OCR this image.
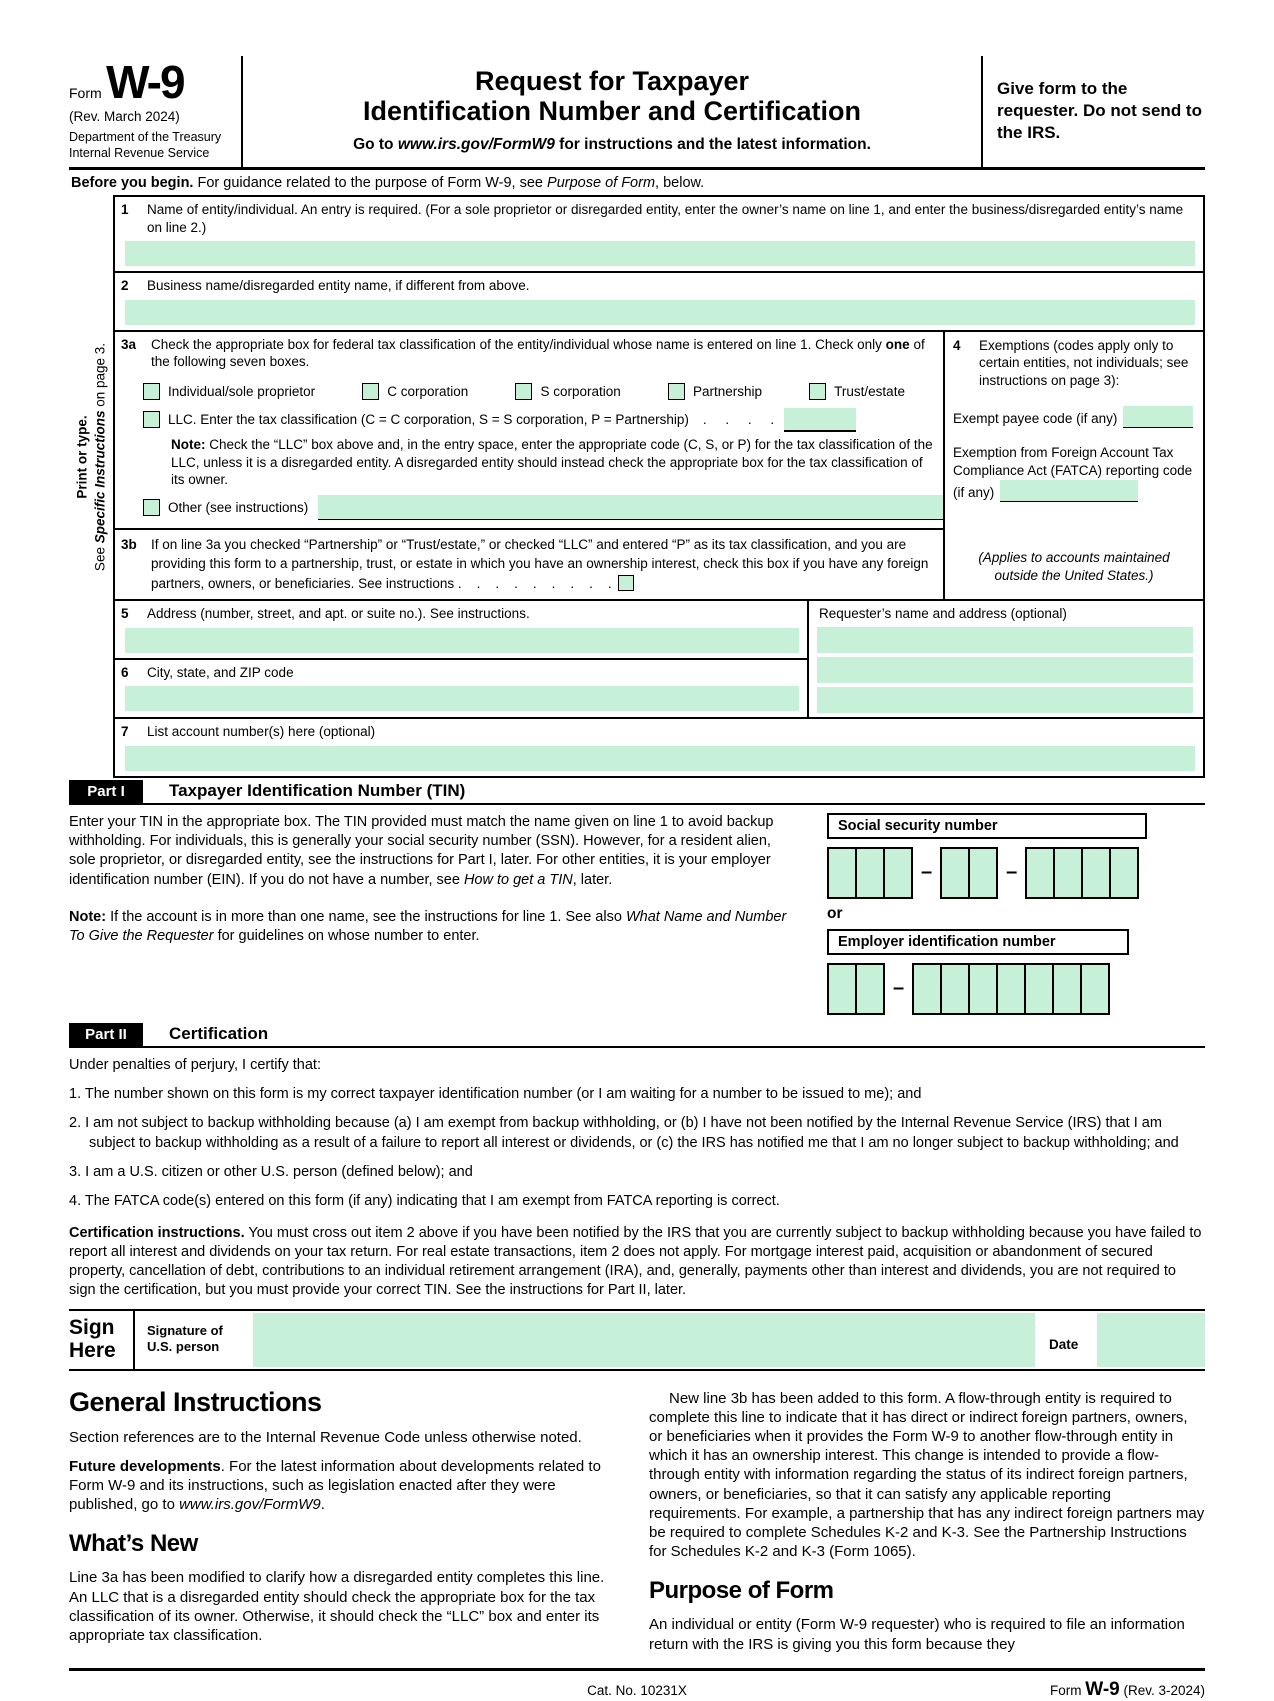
Form W-9
(Rev. March 2024)
Department of the Treasury
Internal Revenue Service
Request for Taxpayer
Identification Number and Certification
Go to www.irs.gov/FormW9 for instructions and the latest information.
Give form to the requester. Do not send to the IRS.
Before you begin. For guidance related to the purpose of Form W-9, see Purpose of Form, below.
Print or type.
See Specific Instructions on page 3.
1	Name of entity/individual. An entry is required. (For a sole proprietor or disregarded entity, enter the owner’s name on line 1, and enter the business/disregarded entity’s name on line 2.)
2	Business name/disregarded entity name, if different from above.
3a	Check the appropriate box for federal tax classification of the entity/individual whose name is entered on line 1. Check only one of the following seven boxes.
Individual/sole proprietor	C corporation	S corporation	Partnership	Trust/estate
LLC. Enter the tax classification (C = C corporation, S = S corporation, P = Partnership) .     .     .     .
Note: Check the “LLC” box above and, in the entry space, enter the appropriate code (C, S, or P) for the tax classification of the LLC, unless it is a disregarded entity. A disregarded entity should instead check the appropriate box for the tax classification of its owner.
Other (see instructions)
3b	If on line 3a you checked “Partnership” or “Trust/estate,” or checked “LLC” and entered “P” as its tax classification, and you are providing this form to a partnership, trust, or estate in which you have an ownership interest, check this box if you have any foreign partners, owners, or beneficiaries. See instructions .    .    .    .    .    .    .    .    .
4	Exemptions (codes apply only to certain entities, not individuals; see instructions on page 3):
Exempt payee code (if any)
Exemption from Foreign Account Tax Compliance Act (FATCA) reporting code (if any)
(Applies to accounts maintained outside the United States.)
5	Address (number, street, and apt. or suite no.). See instructions.
6	City, state, and ZIP code
Requester’s name and address (optional)
7	List account number(s) here (optional)
Part I	Taxpayer Identification Number (TIN)
Enter your TIN in the appropriate box. The TIN provided must match the name given on line 1 to avoid backup withholding. For individuals, this is generally your social security number (SSN). However, for a resident alien, sole proprietor, or disregarded entity, see the instructions for Part I, later. For other entities, it is your employer identification number (EIN). If you do not have a number, see How to get a TIN, later.
Note: If the account is in more than one name, see the instructions for line 1. See also What Name and Number To Give the Requester for guidelines on whose number to enter.
Social security number
–	–
or
Employer identification number
–
Part II	Certification
Under penalties of perjury, I certify that:
1. The number shown on this form is my correct taxpayer identification number (or I am waiting for a number to be issued to me); and
2. I am not subject to backup withholding because (a) I am exempt from backup withholding, or (b) I have not been notified by the Internal Revenue Service (IRS) that I am subject to backup withholding as a result of a failure to report all interest or dividends, or (c) the IRS has notified me that I am no longer subject to backup withholding; and
3. I am a U.S. citizen or other U.S. person (defined below); and
4. The FATCA code(s) entered on this form (if any) indicating that I am exempt from FATCA reporting is correct.
Certification instructions. You must cross out item 2 above if you have been notified by the IRS that you are currently subject to backup withholding because you have failed to report all interest and dividends on your tax return. For real estate transactions, item 2 does not apply. For mortgage interest paid, acquisition or abandonment of secured property, cancellation of debt, contributions to an individual retirement arrangement (IRA), and, generally, payments other than interest and dividends, you are not required to sign the certification, but you must provide your correct TIN. See the instructions for Part II, later.
Sign
Here
Signature of
U.S. person	Date
General Instructions

Section references are to the Internal Revenue Code unless otherwise noted.

Future developments. For the latest information about developments related to Form W-9 and its instructions, such as legislation enacted after they were published, go to www.irs.gov/FormW9.

What’s New

Line 3a has been modified to clarify how a disregarded entity completes this line. An LLC that is a disregarded entity should check the appropriate box for the tax classification of its owner. Otherwise, it should check the “LLC” box and enter its appropriate tax classification.

New line 3b has been added to this form. A flow-through entity is required to complete this line to indicate that it has direct or indirect foreign partners, owners, or beneficiaries when it provides the Form W-9 to another flow-through entity in which it has an ownership interest. This change is intended to provide a flow-through entity with information regarding the status of its indirect foreign partners, owners, or beneficiaries, so that it can satisfy any applicable reporting requirements. For example, a partnership that has any indirect foreign partners may be required to complete Schedules K-2 and K-3. See the Partnership Instructions for Schedules K-2 and K-3 (Form 1065).

Purpose of Form

An individual or entity (Form W-9 requester) who is required to file an information return with the IRS is giving you this form because they

Cat. No. 10231X	Form W-9 (Rev. 3-2024)
